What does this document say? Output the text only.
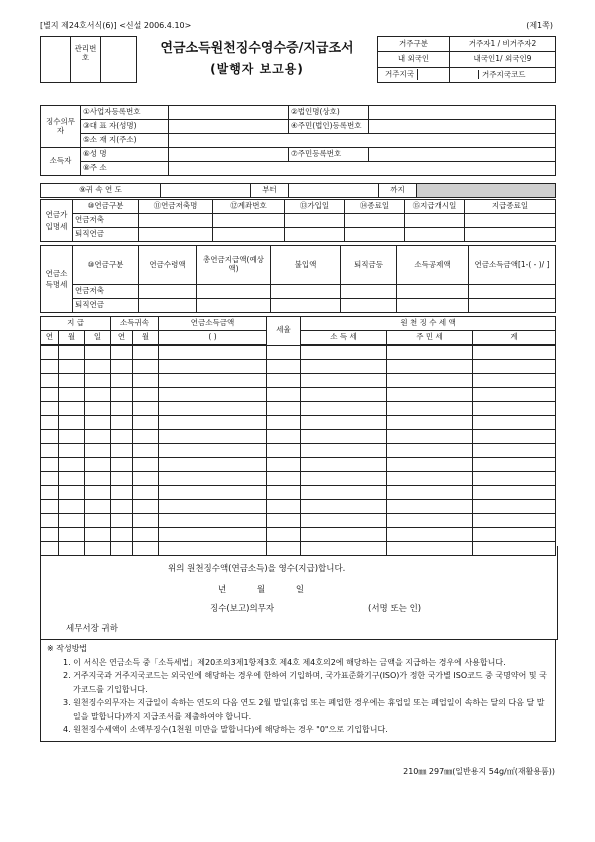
[별지 제24호서식(6)] <신설 2006.4.10>	(제1쪽)
	관리번호		연금소득원천징수영수증/지급조서
(발행자 보고용)	거주구분	거주자1 / 비거주자2
				내 외국인	내국인1/ 외국인9
				거주지국	거주지국코드
징수의무자	①사업자등록번호		②법인명(상호)	
	③대 표 자(성명)		④주민(법인)등록번호	
	⑤소 재 지(주소)			
소득자	⑥성 명		⑦주민등록번호	
	⑧주 소			
⑨귀 속 연 도		부터		까지	
연금가입명세	⑩연금구분	⑪연금저축명	⑫계좌번호	⑬가입일	⑭종료일	⑮지급개시일	지급종료일
	연금저축						
	퇴직연금						
연금소득명세	⑩연금구분	연금수령액	총연금지급액(예상액)	불입액	퇴직금등	소득공제액	연금소득금액[1-( - )/ ]
	연금저축						
	퇴직연금						
지 급			소득귀속		연금소득금액	세율	원 천 징 수 세 액		
연	월	일	연	월	( )		소 득 세	주 민 세	계

위의 원천징수액(연금소득)을 영수(지급)합니다.
년 월 일
징수(보고)의무자	(서명 또는 인)
세무서장 귀하
※ 작성방법
1. 이 서식은 연금소득 중「소득세법」제20조의3제1항제3호 제4호 제4호의2에 해당하는 금액을 지급하는 경우에 사용합니다.
2. 거주지국과 거주지국코드는 외국인에 해당하는 경우에 한하여 기입하며, 국가표준화기구(ISO)가 정한 국가별 ISO코드 중 국명약어 및 국가코드를 기입합니다.
3. 원천징수의무자는 지급일이 속하는 연도의 다음 연도 2월 말일(휴업 또는 폐업한 경우에는 휴업일 또는 폐업일이 속하는 달의 다음 달 말일을 말합니다)까지 지급조서를 제출하여야 합니다.
4. 원천징수세액이 소액부징수(1천원 미만을 말합니다)에 해당하는 경우 "0"으로 기입합니다.
210㎜ 297㎜(일반용지 54g/㎡(재활용품))
